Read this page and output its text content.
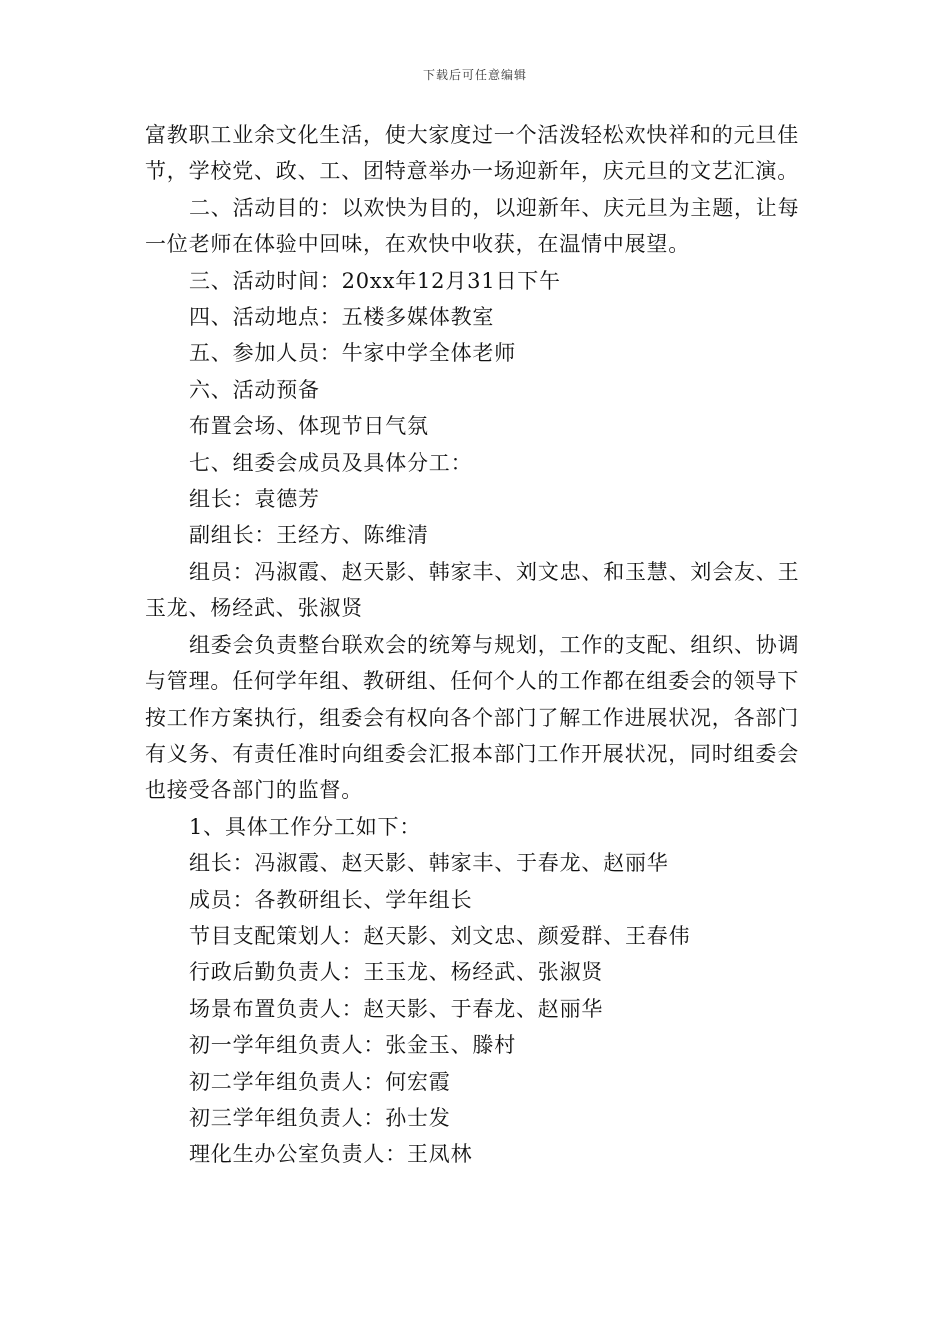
下载后可任意编辑

富教职工业余文化生活，使大家度过一个活泼轻松欢快祥和的元旦佳节，学校党、政、工、团特意举办一场迎新年，庆元旦的文艺汇演。

二、活动目的：以欢快为目的，以迎新年、庆元旦为主题，让每一位老师在体验中回味，在欢快中收获，在温情中展望。

三、活动时间：20xx年12月31日下午

四、活动地点：五楼多媒体教室

五、参加人员：牛家中学全体老师

六、活动预备

布置会场、体现节日气氛

七、组委会成员及具体分工：

组长：袁德芳

副组长：王经方、陈维清

组员：冯淑霞、赵天影、韩家丰、刘文忠、和玉慧、刘会友、王玉龙、杨经武、张淑贤

组委会负责整台联欢会的统筹与规划，工作的支配、组织、协调与管理。任何学年组、教研组、任何个人的工作都在组委会的领导下按工作方案执行，组委会有权向各个部门了解工作进展状况，各部门有义务、有责任准时向组委会汇报本部门工作开展状况，同时组委会也接受各部门的监督。

1、具体工作分工如下：

组长：冯淑霞、赵天影、韩家丰、于春龙、赵丽华

成员：各教研组长、学年组长

节目支配策划人：赵天影、刘文忠、颜爱群、王春伟

行政后勤负责人：王玉龙、杨经武、张淑贤

场景布置负责人：赵天影、于春龙、赵丽华

初一学年组负责人：张金玉、滕村

初二学年组负责人：何宏霞

初三学年组负责人：孙士发

理化生办公室负责人：王凤林
